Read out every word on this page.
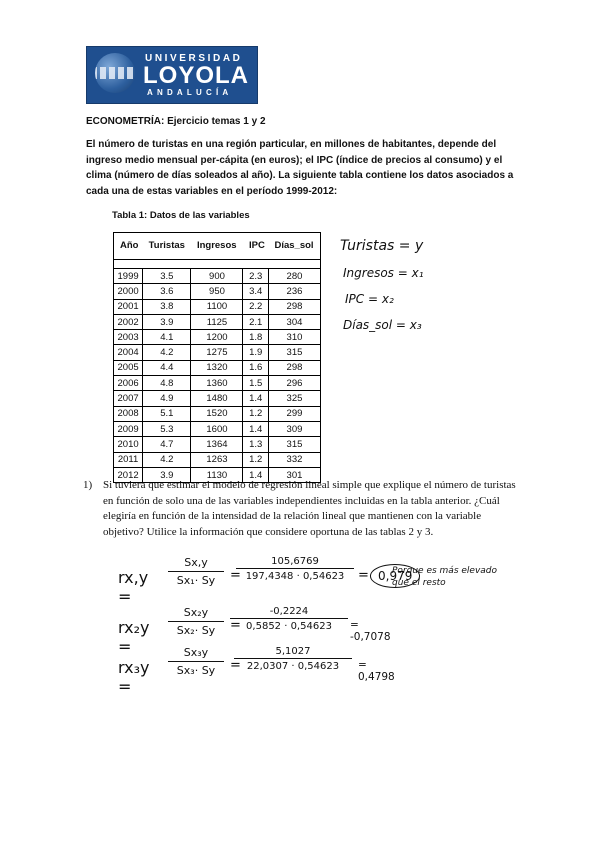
UNIVERSIDAD
LOYOLA
ANDALUCÍA
ECONOMETRÍA: Ejercicio temas 1 y 2
El número de turistas en una región particular, en millones de habitantes, depende del ingreso medio mensual per-cápita (en euros); el IPC (índice de precios al consumo) y el clima (número de días soleados al año). La siguiente tabla contiene los datos asociados a cada una de estas variables en el período 1999-2012:
Tabla 1: Datos de las variables
Año	Turistas	Ingresos	IPC	Días_sol

1999	3.5	900	2.3	280
2000	3.6	950	3.4	236
2001	3.8	1100	2.2	298
2002	3.9	1125	2.1	304
2003	4.1	1200	1.8	310
2004	4.2	1275	1.9	315
2005	4.4	1320	1.6	298
2006	4.8	1360	1.5	296
2007	4.9	1480	1.4	325
2008	5.1	1520	1.2	299
2009	5.3	1600	1.4	309
2010	4.7	1364	1.3	315
2011	4.2	1263	1.2	332
2012	3.9	1130	1.4	301
Turistas = y
Ingresos = x₁
IPC = x₂
Días_sol = x₃
1) Si tuviera que estimar el modelo de regresión lineal simple que explique el número de turistas en función de solo una de las variables independientes incluidas en la tabla anterior. ¿Cuál elegiría en función de la intensidad de la relación lineal que mantienen con la variable objetivo? Utilice la información que considere oportuna de las tablas 2 y 3.
rx,y =
$\frac{Sx,y}{\text{Sx₁· Sy}}$ =
$\frac{105,6769}{197,4348 \cdot 0,54623} = 0,979$
Porque es más elevado que el resto
rx₂y =
$\frac{\text{Sx₂y}}{\text{Sx₂· Sy}}$ =
$\frac{-0,2224}{0,5852 \cdot 0,54623} = -0,7078$
rx₃y =
$\frac{\text{Sx₃y}}{\text{Sx₃· Sy}}$ =
$\frac{5,1027}{22,0307 \cdot 0,54623} = 0,4798$
